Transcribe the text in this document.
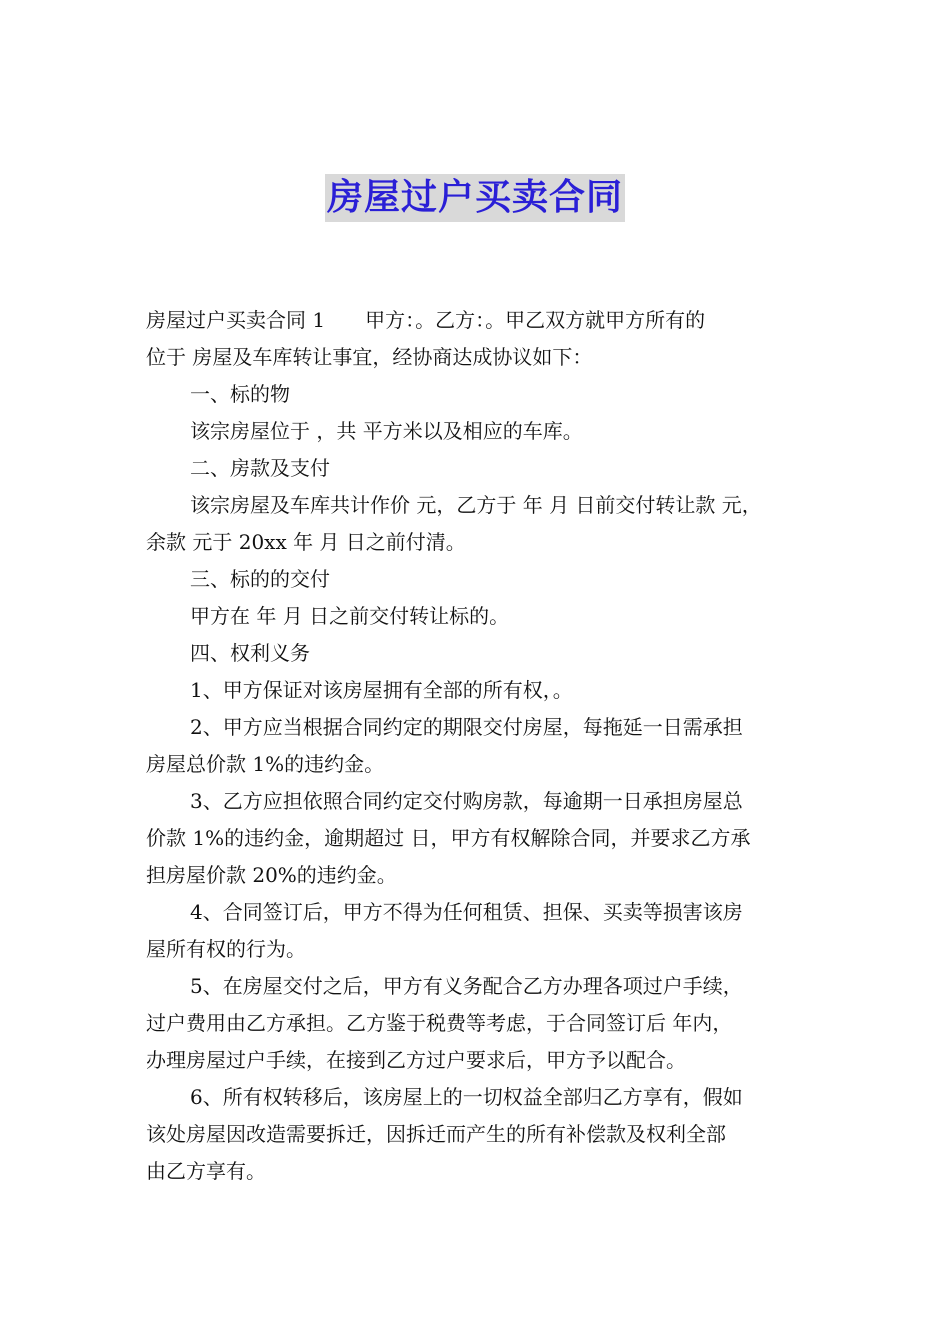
房屋过户买卖合同

房屋过户买卖合同 1 甲方：。乙方：。甲乙双方就甲方所有的

位于 房屋及车库转让事宜，经协商达成协议如下：

一、标的物

该宗房屋位于 ，共 平方米以及相应的车库。

二、房款及支付

该宗房屋及车库共计作价 元，乙方于 年 月 日前交付转让款 元，

余款 元于 20xx 年 月 日之前付清。

三、标的的交付

甲方在 年 月 日之前交付转让标的。

四、权利义务

1、甲方保证对该房屋拥有全部的所有权，。

2、甲方应当根据合同约定的期限交付房屋，每拖延一日需承担

房屋总价款 1%的违约金。

3、乙方应担依照合同约定交付购房款，每逾期一日承担房屋总

价款 1%的违约金，逾期超过 日，甲方有权解除合同，并要求乙方承

担房屋价款 20%的违约金。

4、合同签订后，甲方不得为任何租赁、担保、买卖等损害该房

屋所有权的行为。

5、在房屋交付之后，甲方有义务配合乙方办理各项过户手续，

过户费用由乙方承担。乙方鉴于税费等考虑，于合同签订后 年内，

办理房屋过户手续，在接到乙方过户要求后，甲方予以配合。

6、所有权转移后，该房屋上的一切权益全部归乙方享有，假如

该处房屋因改造需要拆迁，因拆迁而产生的所有补偿款及权利全部

由乙方享有。
